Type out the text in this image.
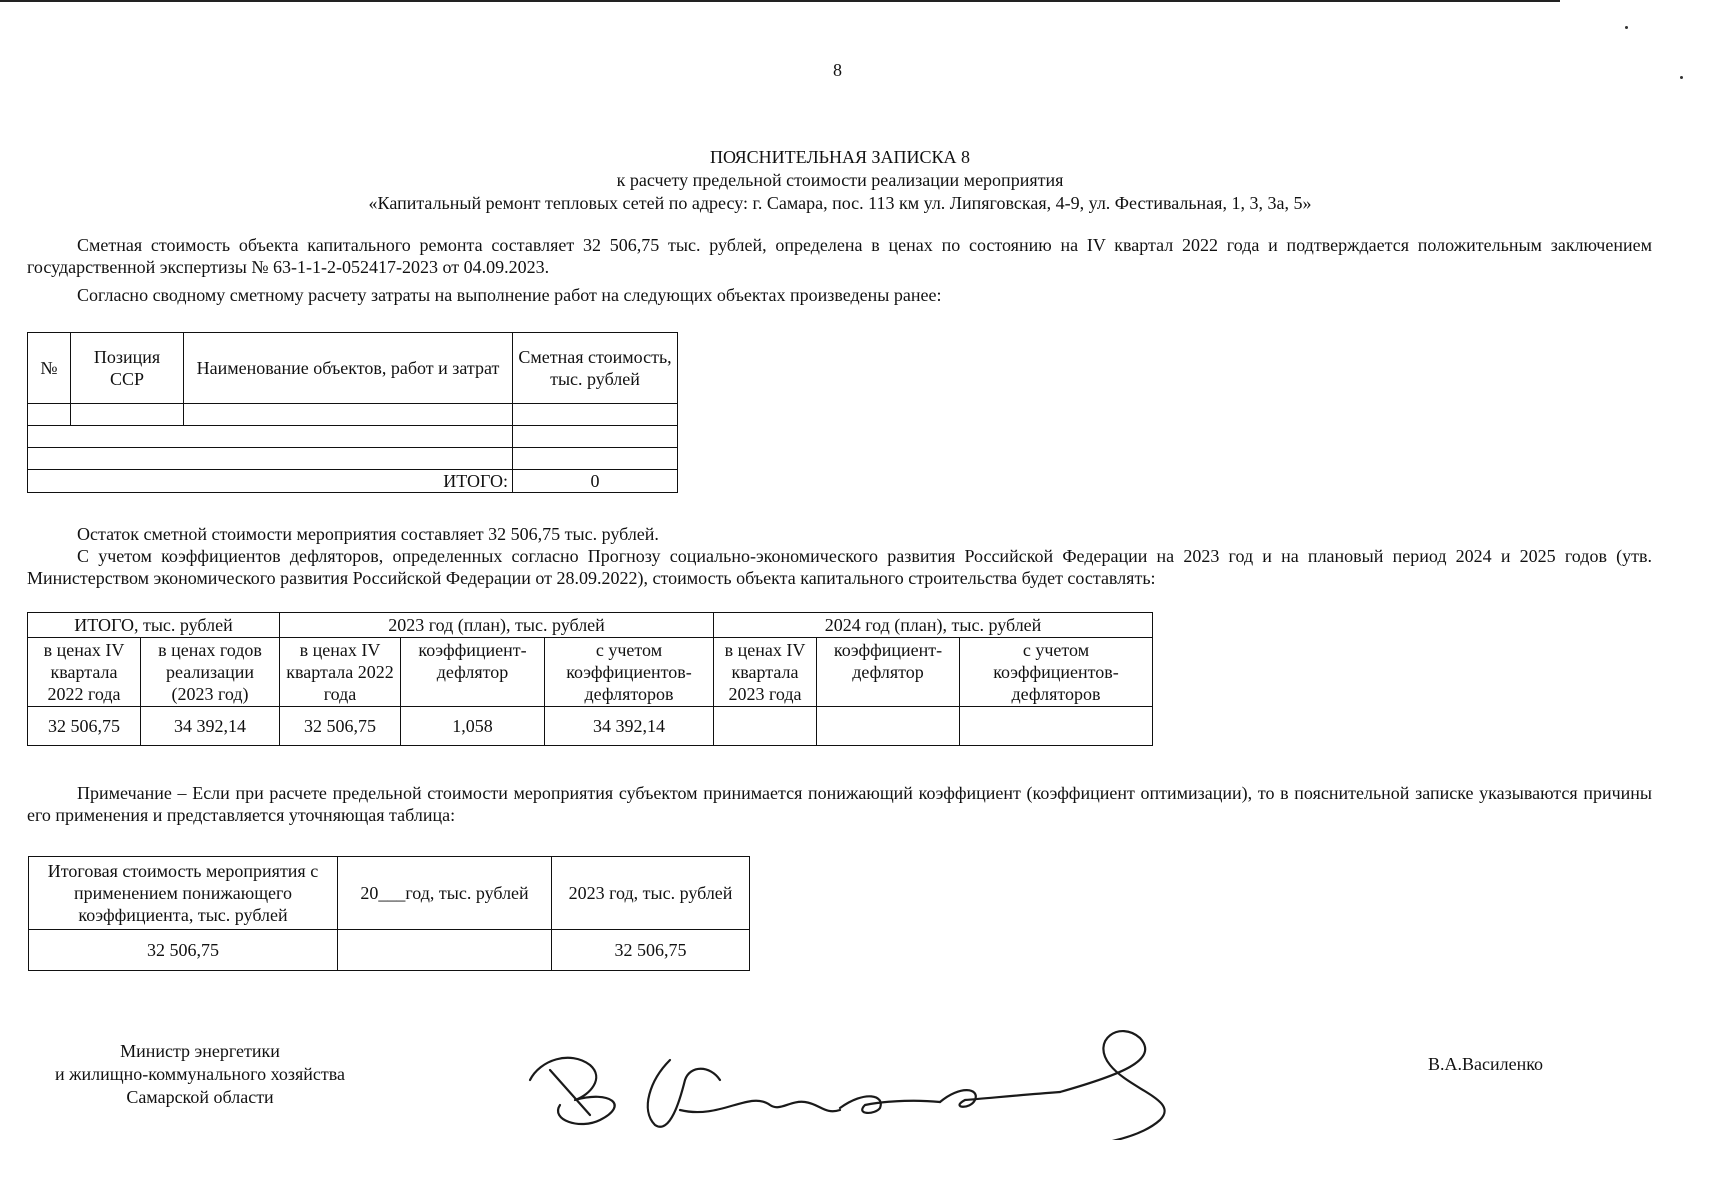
8
ПОЯСНИТЕЛЬНАЯ ЗАПИСКА 8
к расчету предельной стоимости реализации мероприятия
«Капитальный ремонт тепловых сетей по адресу: г. Самара, пос. 113 км ул. Липяговская, 4-9, ул. Фестивальная, 1, 3, 3а, 5»
Сметная стоимость объекта капитального ремонта составляет 32 506,75 тыс. рублей, определена в ценах по состоянию на IV квартал 2022 года и подтверждается положительным заключением государственной экспертизы № 63-1-1-2-052417-2023 от 04.09.2023.
Согласно сводному сметному расчету затраты на выполнение работ на следующих объектах произведены ранее:
№	Позиция ССР	Наименование объектов, работ и затрат	Сметная стоимость, тыс. рублей

ИТОГО:			0
Остаток сметной стоимости мероприятия составляет 32 506,75 тыс. рублей.
С учетом коэффициентов дефляторов, определенных согласно Прогнозу социально-экономического развития Российской Федерации на 2023 год и на плановый период 2024 и 2025 годов (утв. Министерством экономического развития Российской Федерации от 28.09.2022), стоимость объекта капитального строительства будет составлять:
ИТОГО, тыс. рублей		2023 год (план), тыс. рублей			2024 год (план), тыс. рублей		
в ценах IV квартала 2022 года	в ценах годов реализации (2023 год)	в ценах IV квартала 2022 года	коэффициент-дефлятор	с учетом коэффициентов-дефляторов	в ценах IV квартала 2023 года	коэффициент-дефлятор	с учетом коэффициентов-дефляторов
32 506,75	34 392,14	32 506,75	1,058	34 392,14			
Примечание – Если при расчете предельной стоимости мероприятия субъектом принимается понижающий коэффициент (коэффициент оптимизации), то в пояснительной записке указываются причины его применения и представляется уточняющая таблица:
Итоговая стоимость мероприятия с применением понижающего коэффициента, тыс. рублей	20___год, тыс. рублей	2023 год, тыс. рублей
32 506,75		32 506,75
Министр энергетики
и жилищно-коммунального хозяйства
Самарской области
В.А.Василенко
